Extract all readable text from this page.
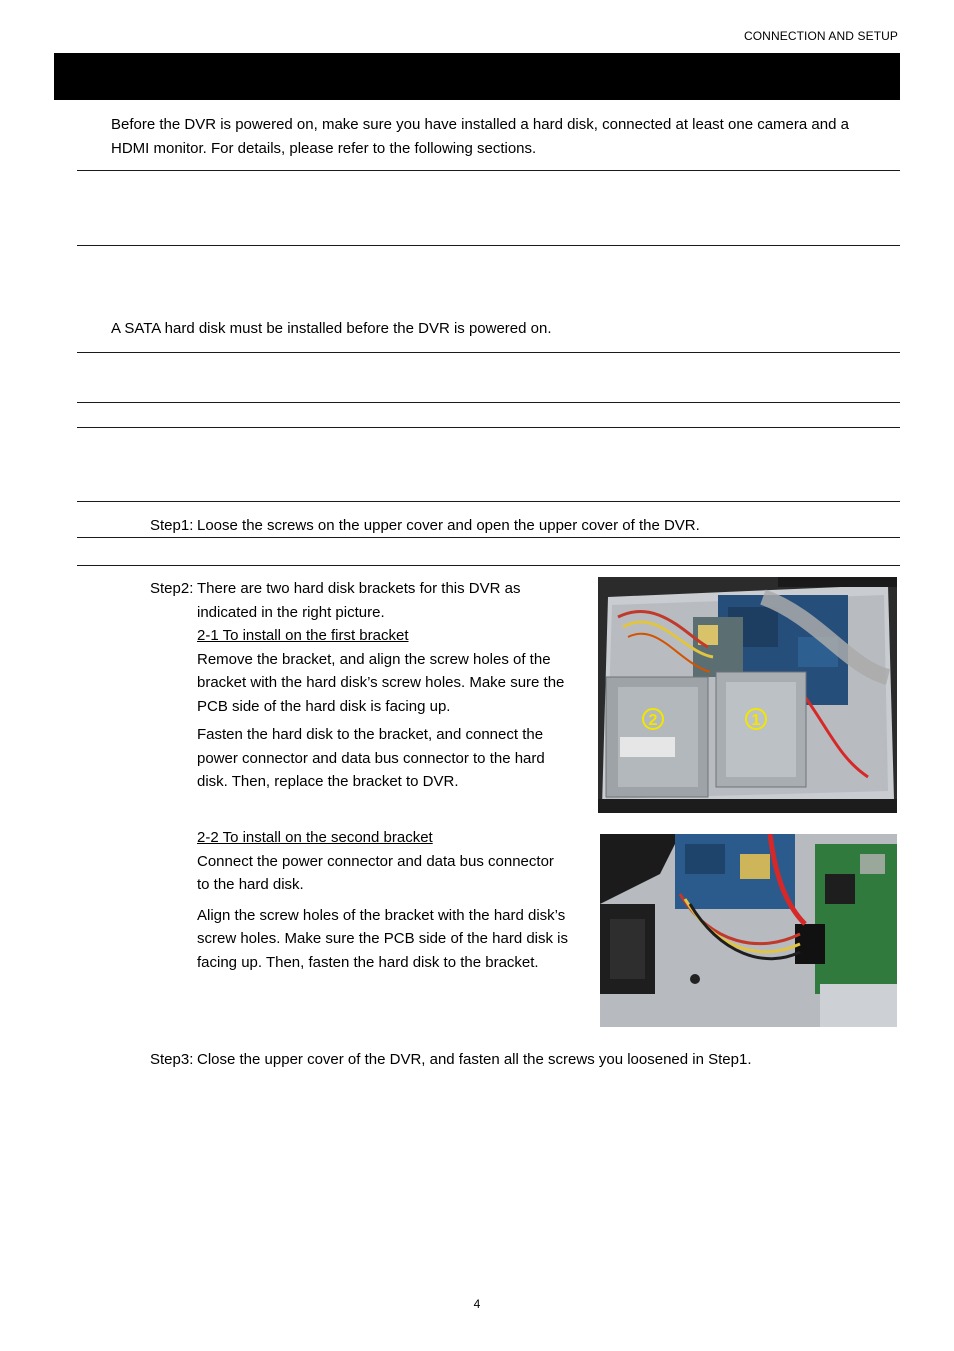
CONNECTION AND SETUP
Before the DVR is powered on, make sure you have installed a hard disk, connected at least one camera and a
HDMI monitor. For details, please refer to the following sections.
A SATA hard disk must be installed before the DVR is powered on.
Step1: Loose the screws on the upper cover and open the upper cover of the DVR.
Step2: There are two hard disk brackets for this DVR as
indicated in the right picture.
2-1 To install on the first bracket
Remove the bracket, and align the screw holes of the
bracket with the hard disk’s screw holes. Make sure the
PCB side of the hard disk is facing up.
Fasten the hard disk to the bracket, and connect the
power connector and data bus connector to the hard
disk. Then, replace the bracket to DVR.
2-2 To install on the second bracket
Connect the power connector and data bus connector
to the hard disk.
Align the screw holes of the bracket with the hard disk’s
screw holes. Make sure the PCB side of the hard disk is
facing up. Then, fasten the hard disk to the bracket.
2	1
Step3: Close the upper cover of the DVR, and fasten all the screws you loosened in Step1.
4
